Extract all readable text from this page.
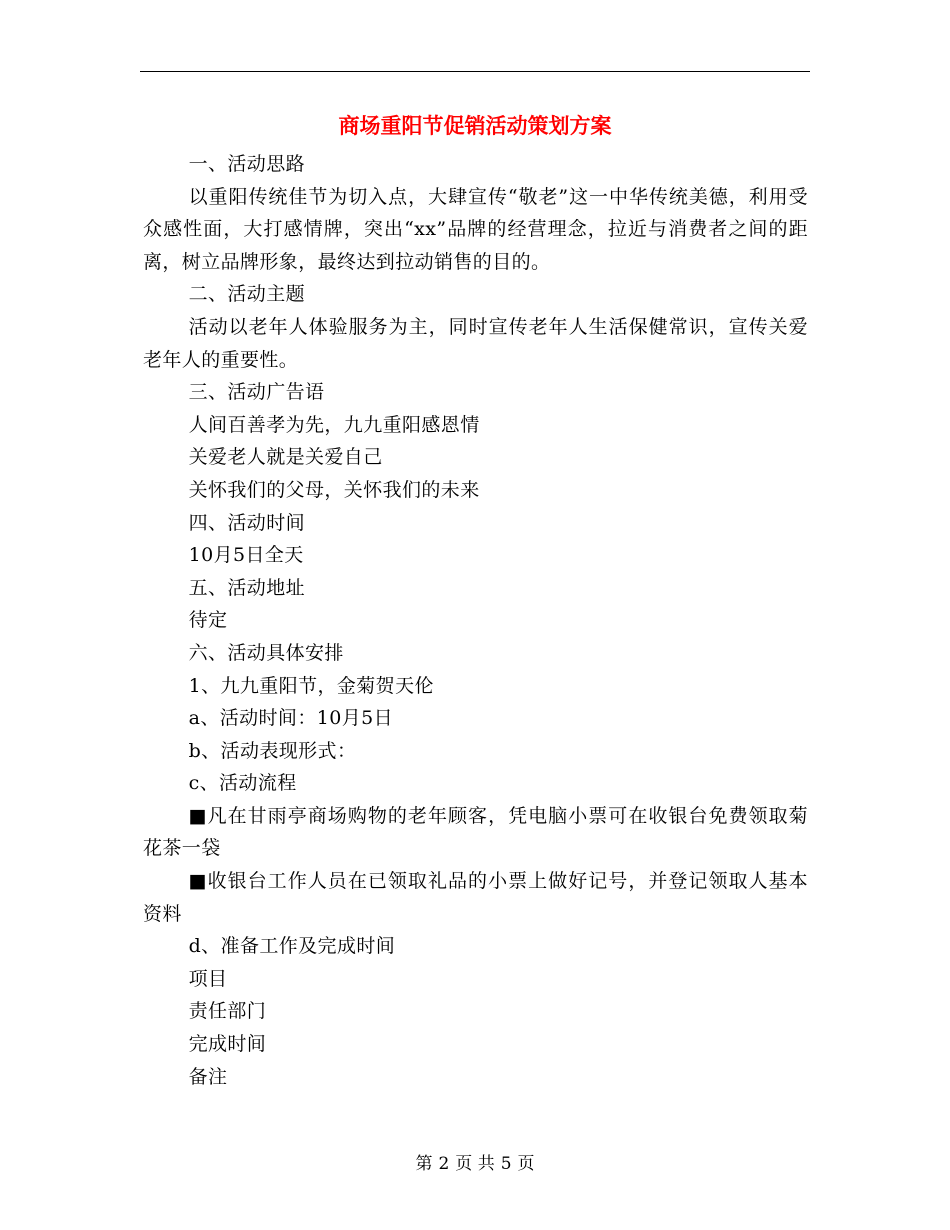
商场重阳节促销活动策划方案

一、活动思路

以重阳传统佳节为切入点，大肆宣传“敬老”这一中华传统美德，利用受众感性面，大打感情牌，突出“xx”品牌的经营理念，拉近与消费者之间的距离，树立品牌形象，最终达到拉动销售的目的。

二、活动主题

活动以老年人体验服务为主，同时宣传老年人生活保健常识，宣传关爱老年人的重要性。

三、活动广告语

人间百善孝为先，九九重阳感恩情

关爱老人就是关爱自己

关怀我们的父母，关怀我们的未来

四、活动时间

10月5日全天

五、活动地址

待定

六、活动具体安排

1、九九重阳节，金菊贺天伦

a、活动时间：10月5日

b、活动表现形式：

c、活动流程

■凡在甘雨亭商场购物的老年顾客，凭电脑小票可在收银台免费领取菊花茶一袋

■收银台工作人员在已领取礼品的小票上做好记号，并登记领取人基本资料

d、准备工作及完成时间

项目

责任部门

完成时间

备注

第 2 页 共 5 页
